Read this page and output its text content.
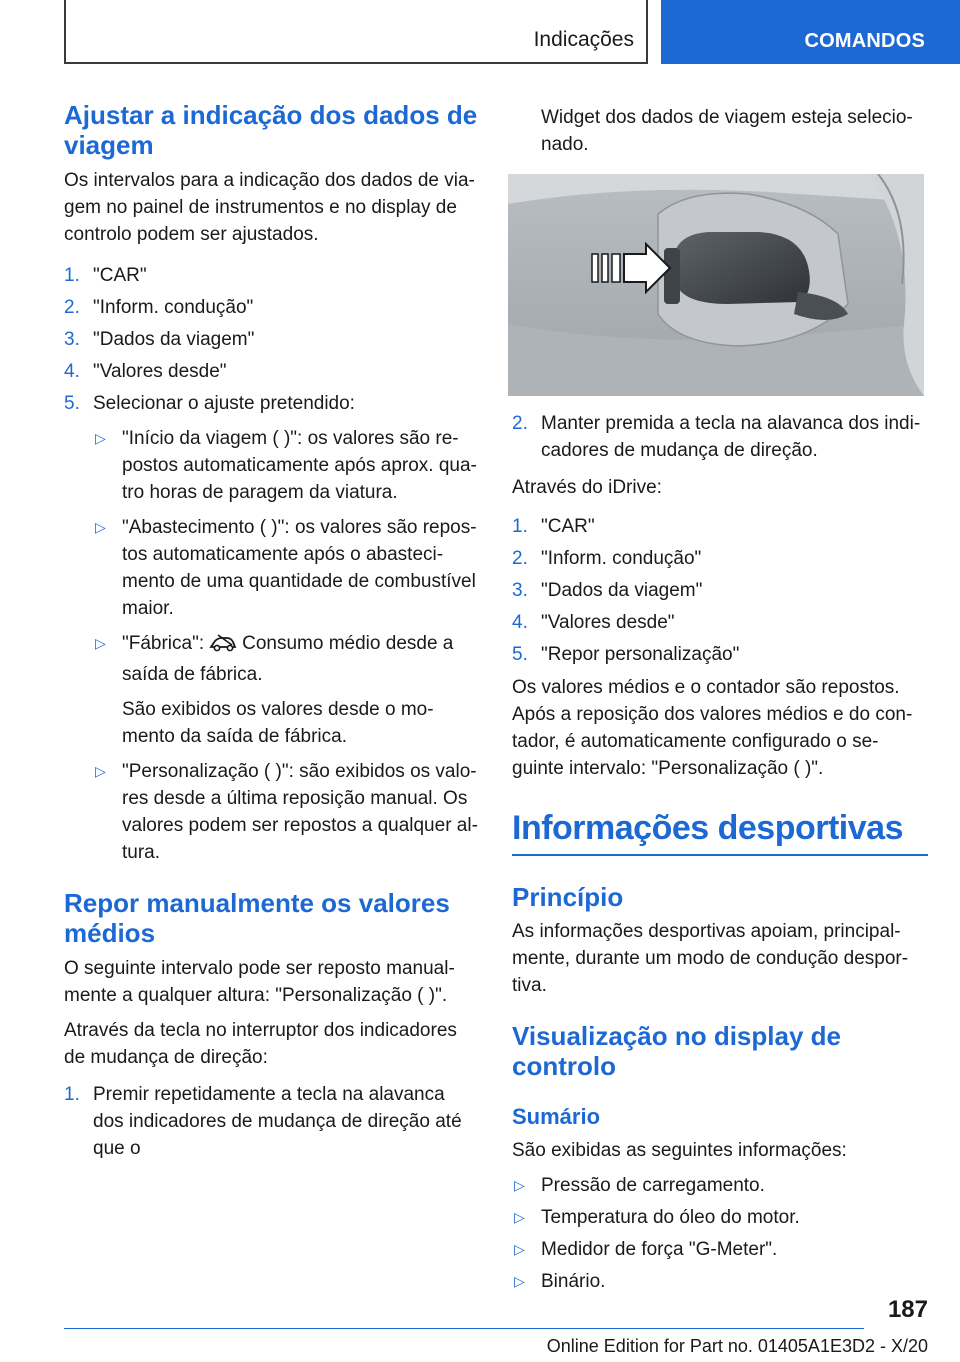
Indicações	COMANDOS
Ajustar a indicação dos dados de viagem

Os intervalos para a indicação dos dados de via-gem no painel de instrumentos e no display de controlo podem ser ajustados.

1. "CAR"
2. "Inform. condução"
3. "Dados da viagem"
4. "Valores desde"
5. Selecionar o ajuste pretendido:
▷ "Início da viagem ( )": os valores são re-postos automaticamente após aprox. qua-tro horas de paragem da viatura.
▷ "Abastecimento ( )": os valores são repos-tos automaticamente após o abasteci-mento de uma quantidade de combustível maior.
▷ "Fábrica": Consumo médio desde a saída de fábrica.
São exibidos os valores desde o mo-mento da saída de fábrica.
▷ "Personalização ( )": são exibidos os valo-res desde a última reposição manual. Os valores podem ser repostos a qualquer al-tura.
Repor manualmente os valores médios

O seguinte intervalo pode ser reposto manual-mente a qualquer altura: "Personalização ( )".

Através da tecla no interruptor dos indicadores de mudança de direção:

1. Premir repetidamente a tecla na alavanca dos indicadores de mudança de direção até que o

Widget dos dados de viagem esteja selecio-nado.

2. Manter premida a tecla na alavanca dos indi-cadores de mudança de direção.

Através do iDrive:

1. "CAR"
2. "Inform. condução"
3. "Dados da viagem"
4. "Valores desde"
5. "Repor personalização"

Os valores médios e o contador são repostos. Após a reposição dos valores médios e do con-tador, é automaticamente configurado o se-guinte intervalo: "Personalização ( )".

Informações desportivas
Princípio

As informações desportivas apoiam, principal-mente, durante um modo de condução despor-tiva.

Visualização no display de controlo
Sumário

São exibidas as seguintes informações:

▷ Pressão de carregamento.
▷ Temperatura do óleo do motor.
▷ Medidor de força "G-Meter".
▷ Binário.
187
Online Edition for Part no. 01405A1E3D2 - X/20
